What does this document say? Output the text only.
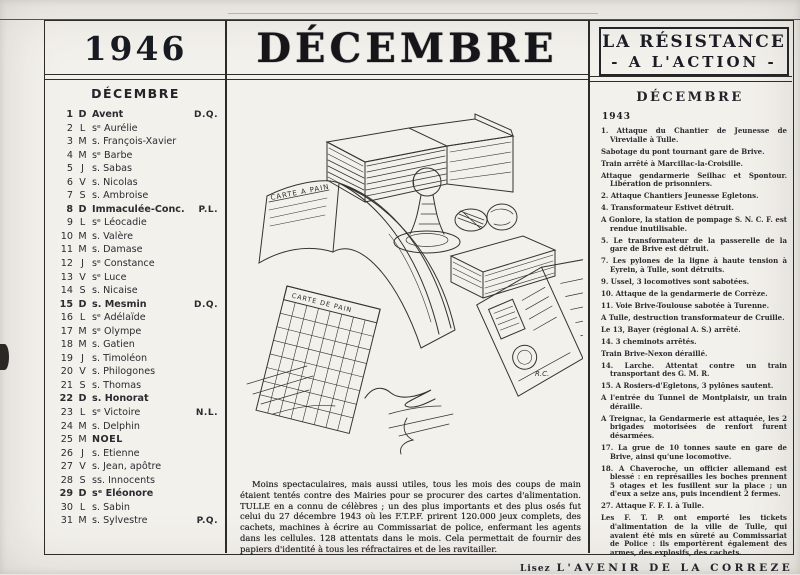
1946	DÉCEMBRE	LA RÉSISTANCE
- A L'ACTION -
DÉCEMBRE
1 D Avent	D.Q.
2 L sᵉ Aurélie
3 M s. François-Xavier
4 M sᵉ Barbe
5 J s. Sabas
6 V s. Nicolas
7 S s. Ambroise
8 D Immaculée-Conc.	P.L.
9 L sᵉ Léocadie
10 M s. Valère
11 M s. Damase
12 J sᵉ Constance
13 V sᵉ Luce
14 S s. Nicaise
15 D s. Mesmin	D.Q.
16 L sᵉ Adélaïde
17 M sᵉ Olympe
18 M s. Gatien
19 J s. Timoléon
20 V s. Philogones
21 S s. Thomas
22 D s. Honorat
23 L sᵉ Victoire	N.L.
24 M s. Delphin
25 M NOEL
26 J s. Etienne
27 V s. Jean, apôtre
28 S ss. Innocents
29 D sᵉ Eléonore
30 L s. Sabin
31 M s. Sylvestre	P.Q.
CARTE A PAIN
CARTE DE PAIN
R.C.
Moins spectaculaires, mais aussi utiles, tous les mois des coups de main étaient tentés contre des Mairies pour se procurer des cartes d'alimentation. TULLE en a connu de célèbres ; un des plus importants et des plus osés fut celui du 27 décembre 1943 où les F.T.P.F. prirent 120.000 jeux complets, des cachets, machines à écrire au Commissariat de police, enfermant les agents dans les cellules. 128 attentats dans le mois. Cela permettait de fournir des papiers d'identité à tous les réfractaires et de les ravitailler.
DÉCEMBRE
1943

1. Attaque du Chantier de Jeunesse de Virevialle à Tulle.

Sabotage du pont tournant gare de Brive.

Train arrêté à Marcillac-la-Croisille.

Attaque gendarmerie Seilhac et Spontour. Libération de prisonniers.

2. Attaque Chantiers Jeunesse Egletons.

4. Transformateur Estivet détruit.

A Gonlore, la station de pompage S. N. C. F. est rendue inutilisable.

5. Le transformateur de la passerelle de la gare de Brive est détruit.

7. Les pylones de la ligne à haute tension à Eyrein, à Tulle, sont détruits.

9. Ussel, 3 locomotives sont sabotées.

10. Attaque de la gendarmerie de Corrèze.

11. Voie Brive-Toulouse sabotée à Turenne.

A Tulle, destruction transformateur de Cruille.

Le 13, Bayer (régional A. S.) arrêté.

14. 3 cheminots arrêtés.

Train Brive-Nexon déraillé.

14. Larche. Attentat contre un train transportant des G. M. R.

15. A Rosiers-d'Egletons, 3 pylônes sautent.

A l'entrée du Tunnel de Montplaisir, un train déraille.

A Treignac, la Gendarmerie est attaquée, les 2 brigades motorisées de renfort furent désarmées.

17. La grue de 10 tonnes saute en gare de Brive, ainsi qu'une locomotive.

18. A Chaveroche, un officier allemand est blessé : en représailles les boches prennent 5 otages et les fusillent sur la place ; un d'eux a seize ans, puis incendient 2 fermes.

27. Attaque F. F. I. à Tulle.

Les F. T. P. ont emporté les tickets d'alimentation de la ville de Tulle, qui avaient été mis en sûreté au Commissariat de Police : ils emportèrent également des armes, des explosifs, des cachets.

Lisez L'AVENIR DE LA CORREZE
